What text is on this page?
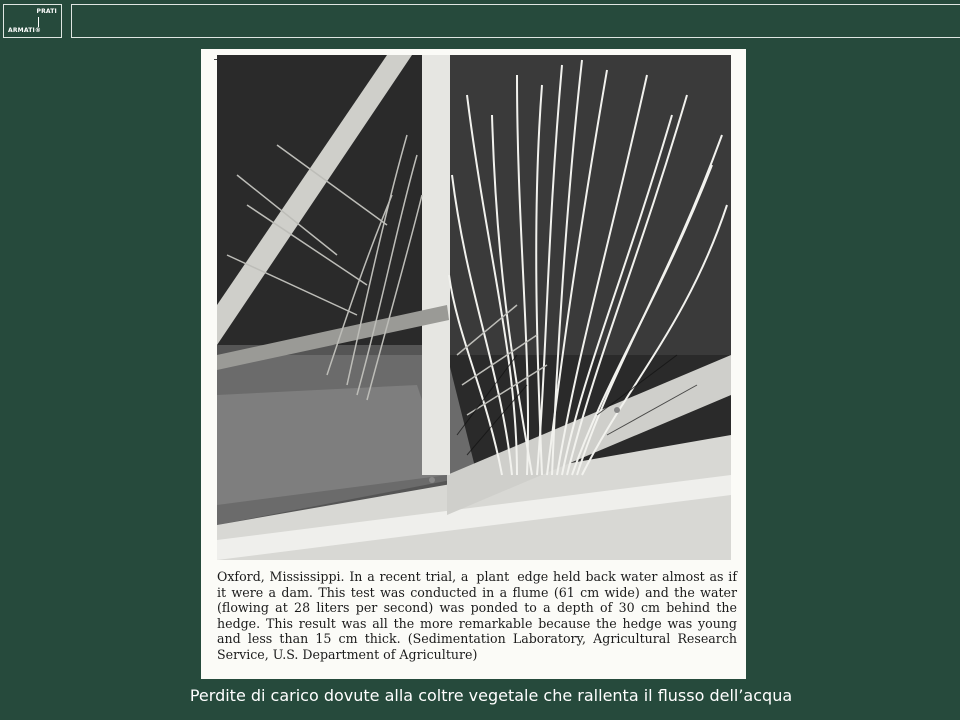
PRATI
ARMATI®
Oxford, Mississippi. In a recent trial, a plant edge held back water almost as if it were a dam. This test was conducted in a flume (61 cm wide) and the water (flowing at 28 liters per second) was ponded to a depth of 30 cm behind the hedge. This result was all the more remarkable because the hedge was young and less than 15 cm thick. (Sedimentation Laboratory, Agricultural Research Service, U.S. Department of Agriculture)
Perdite di carico dovute alla coltre vegetale che rallenta il flusso dell’acqua
